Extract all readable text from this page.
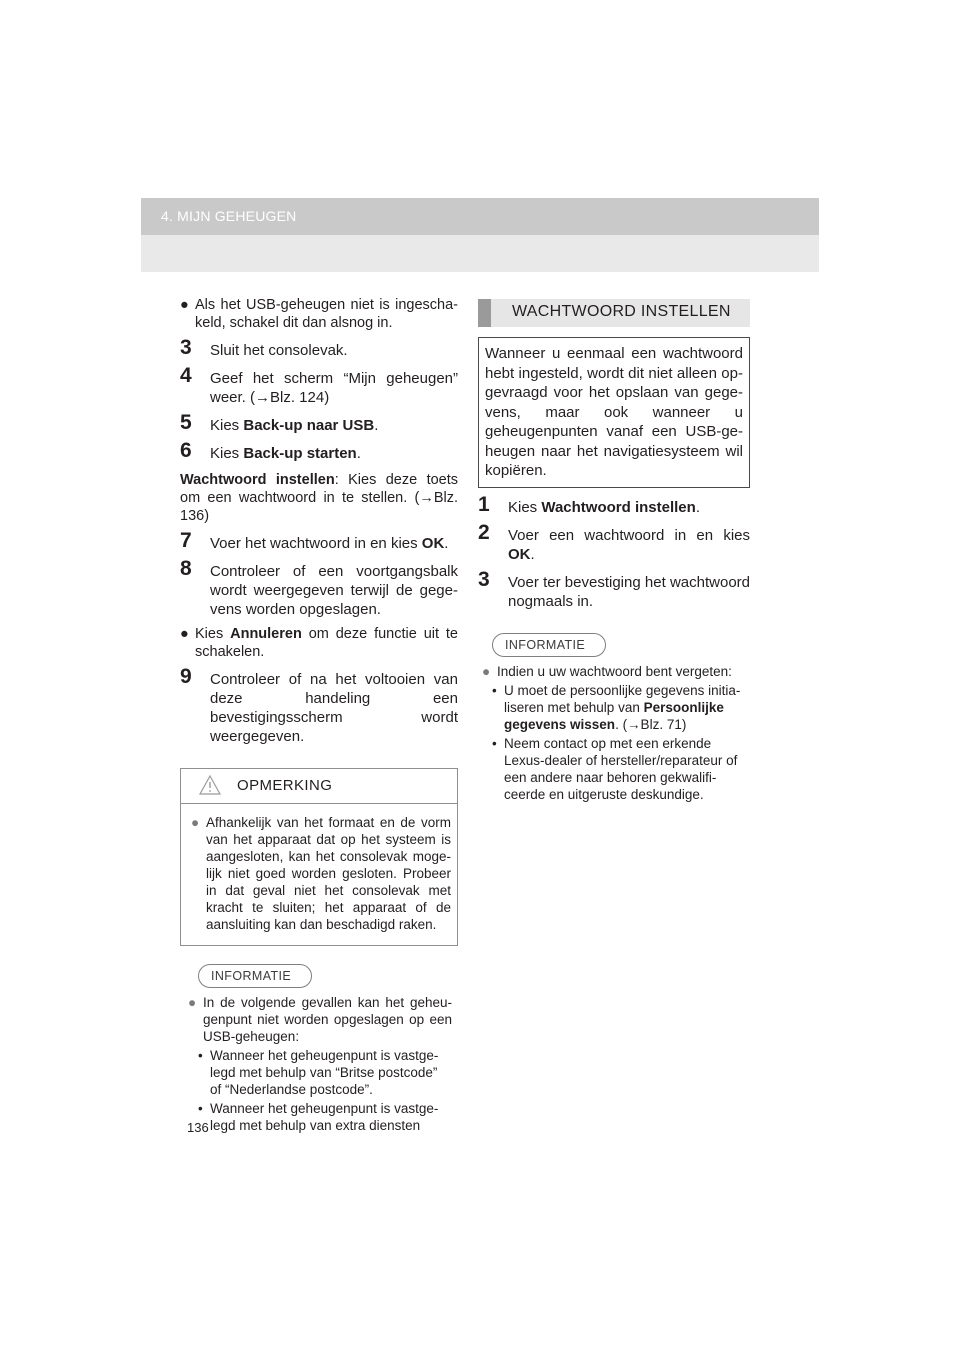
4. MIJN GEHEUGEN

● Als het USB-geheugen niet is ingescha-keld, schakel dit dan alsnog in.

3 Sluit het consolevak.

4 Geef het scherm “Mijn geheugen” weer. (→Blz. 124)

5 Kies Back-up naar USB.

6 Kies Back-up starten.

Wachtwoord instellen: Kies deze toets om een wachtwoord in te stellen. (→Blz. 136)

7 Voer het wachtwoord in en kies OK.

8 Controleer of een voortgangsbalk wordt weergegeven terwijl de gege-vens worden opgeslagen.

● Kies Annuleren om deze functie uit te schakelen.

9 Controleer of na het voltooien van deze handeling een bevestigingsscherm wordt weergegeven.

OPMERKING
● Afhankelijk van het formaat en de vorm van het apparaat dat op het systeem is aangesloten, kan het consolevak moge-lijk niet goed worden gesloten. Probeer in dat geval niet het consolevak met kracht te sluiten; het apparaat of de aansluiting kan dan beschadigd raken.
INFORMATIE

● In de volgende gevallen kan het geheu-genpunt niet worden opgeslagen op een USB-geheugen:

• Wanneer het geheugenpunt is vastge-legd met behulp van “Britse postcode” of “Nederlandse postcode”.

• Wanneer het geheugenpunt is vastge-legd met behulp van extra diensten

WACHTWOORD INSTELLEN
Wanneer u eenmaal een wachtwoord hebt ingesteld, wordt dit niet alleen op-gevraagd voor het opslaan van gege-vens, maar ook wanneer u geheugenpunten vanaf een USB-ge-heugen naar het navigatiesysteem wil kopiëren.

1 Kies Wachtwoord instellen.

2 Voer een wachtwoord in en kies OK.

3 Voer ter bevestiging het wachtwoord nogmaals in.

INFORMATIE

● Indien u uw wachtwoord bent vergeten:

• U moet de persoonlijke gegevens initia-liseren met behulp van Persoonlijke gegevens wissen. (→Blz. 71)

• Neem contact op met een erkende Lexus-dealer of hersteller/reparateur of een andere naar behoren gekwalifi-ceerde en uitgeruste deskundige.

136
